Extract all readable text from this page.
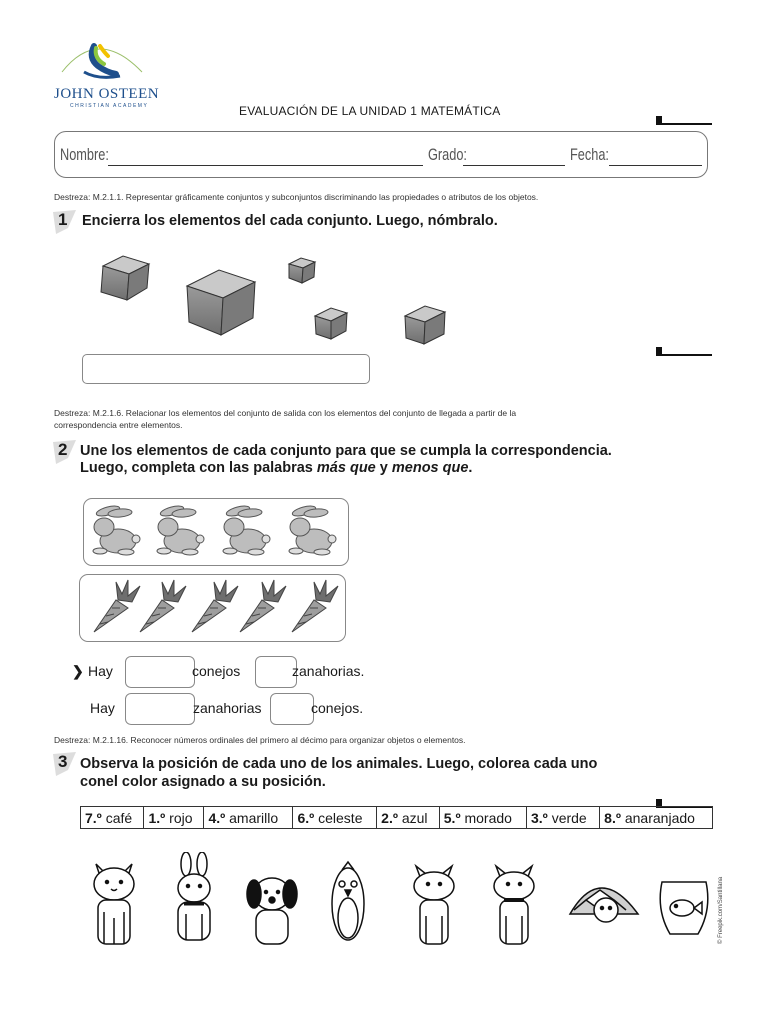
JOHN OSTEEN
CHRISTIAN ACADEMY	EVALUACIÓN DE LA UNIDAD 1 MATEMÁTICA
Nombre:	Grado:	Fecha:
Destreza: M.2.1.1. Representar gráficamente conjuntos y subconjuntos discriminando las propiedades o atributos de los objetos.
1 Encierra los elementos del cada conjunto. Luego, nómbralo.
Destreza: M.2.1.6. Relacionar los elementos del conjunto de salida con los elementos del conjunto de llegada a partir de la
correspondencia entre elementos.
2 Une los elementos de cada conjunto para que se cumpla la correspondencia.
Luego, completa con las palabras más que y menos que.
❯ Hay	conejos	zanahorias.
Hay	zanahorias	conejos.
Destreza: M.2.1.16. Reconocer números ordinales del primero al décimo para organizar objetos o elementos.
3 Observa la posición de cada uno de los animales. Luego, colorea cada uno
conel color asignado a su posición.
7.º café	1.º rojo	4.º amarillo	6.º celeste	2.º azul	5.º morado	3.º verde	8.º anaranjado
© Freepik.com/Santillana
